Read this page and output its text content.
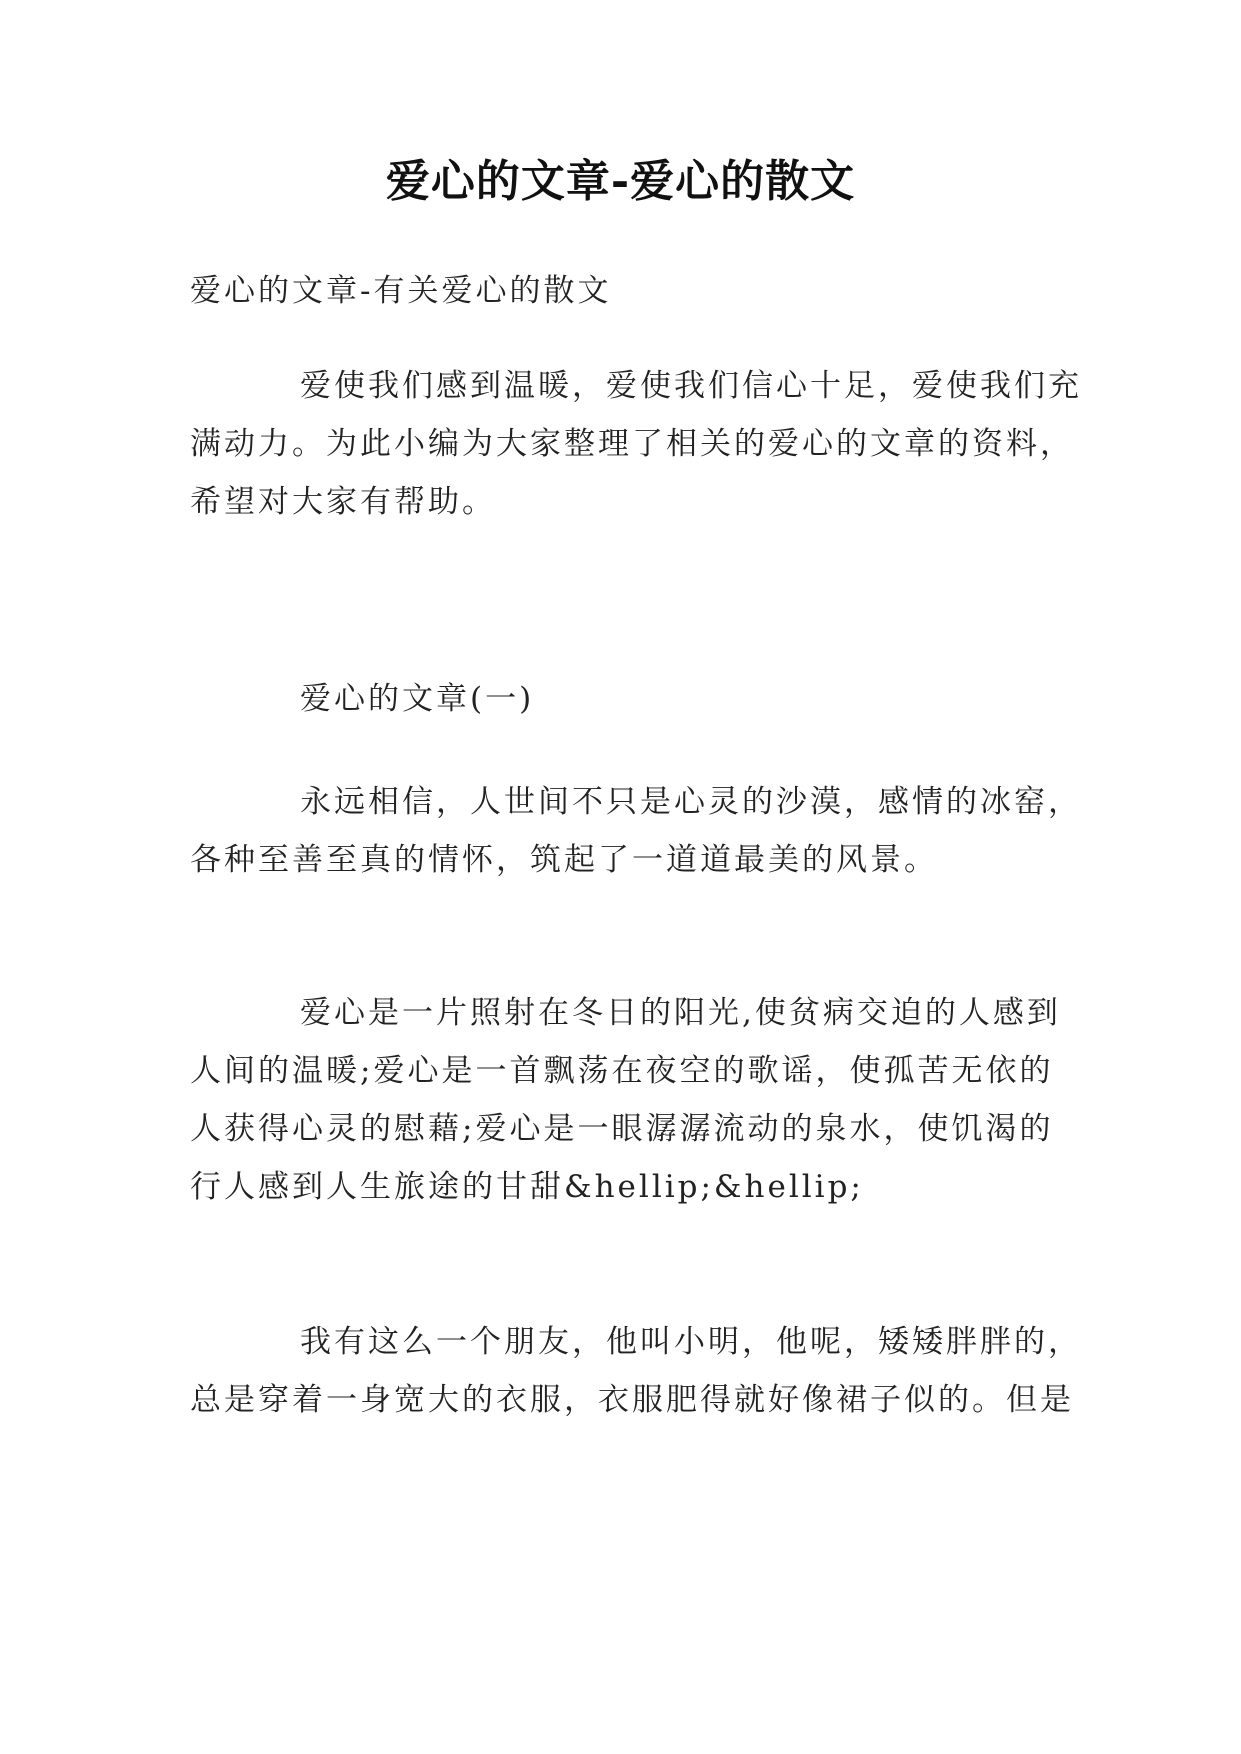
爱心的文章-爱心的散文
爱心的文章-有关爱心的散文
爱使我们感到温暖，爱使我们信心十足，爱使我们充
满动力。为此小编为大家整理了相关的爱心的文章的资料，
希望对大家有帮助。
爱心的文章(一)
永远相信，人世间不只是心灵的沙漠，感情的冰窑，
各种至善至真的情怀，筑起了一道道最美的风景。
爱心是一片照射在冬日的阳光,使贫病交迫的人感到
人间的温暖;爱心是一首飘荡在夜空的歌谣，使孤苦无依的
人获得心灵的慰藉;爱心是一眼潺潺流动的泉水，使饥渴的
行人感到人生旅途的甘甜&hellip;&hellip;
我有这么一个朋友，他叫小明，他呢，矮矮胖胖的，
总是穿着一身宽大的衣服，衣服肥得就好像裙子似的。但是
